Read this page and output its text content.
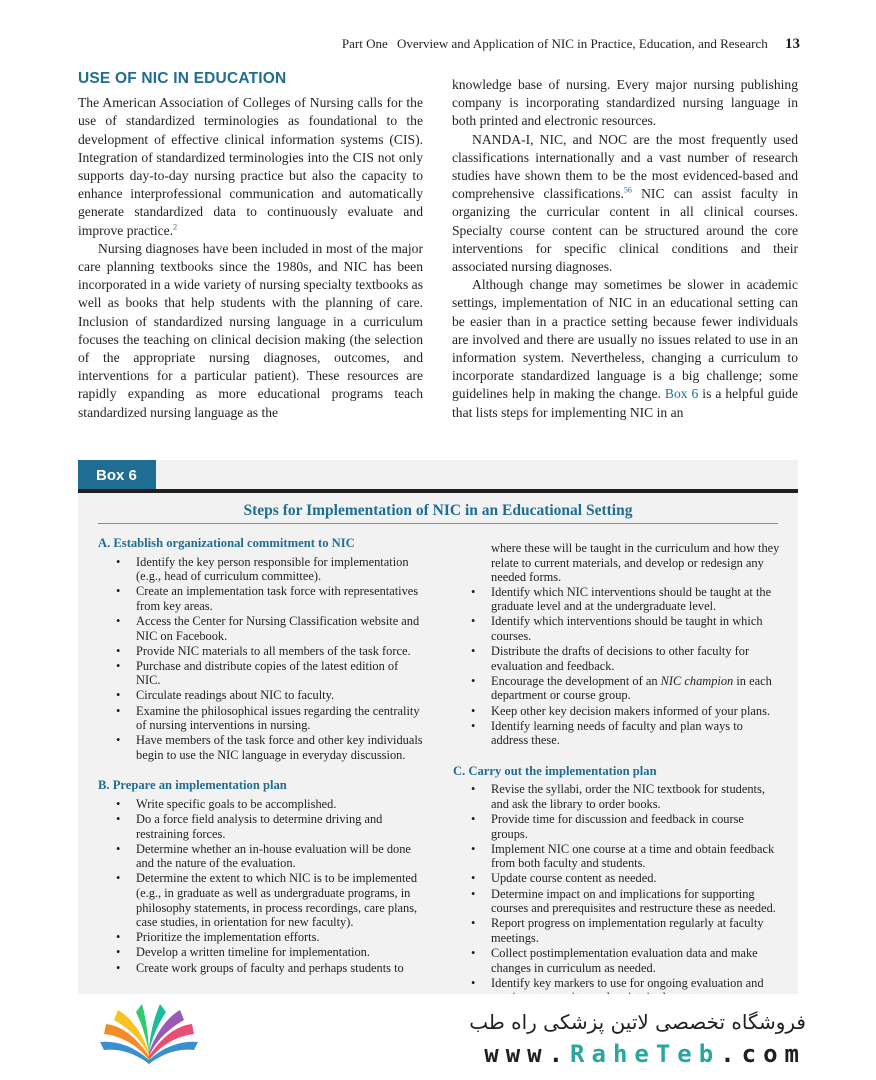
Part One Overview and Application of NIC in Practice, Education, and Research 13
USE OF NIC IN EDUCATION

The American Association of Colleges of Nursing calls for the use of standardized terminologies as foundational to the development of effective clinical information systems (CIS). Integration of standardized terminologies into the CIS not only supports day-to-day nursing practice but also the capacity to enhance interprofessional communication and automatically generate standardized data to continuously evaluate and improve practice.$^2$

Nursing diagnoses have been included in most of the major care planning textbooks since the 1980s, and NIC has been incorporated in a wide variety of nursing specialty textbooks as well as books that help students with the planning of care. Inclusion of standardized nursing language in a curriculum focuses the teaching on clinical decision making (the selection of the appropriate nursing diagnoses, outcomes, and interventions for a particular patient). These resources are rapidly expanding as more educational programs teach standardized nursing language as the

knowledge base of nursing. Every major nursing publishing company is incorporating standardized nursing language in both printed and electronic resources.

NANDA-I, NIC, and NOC are the most frequently used classifications internationally and a vast number of research studies have shown them to be the most evidenced-based and comprehensive classifications.$^{56}$ NIC can assist faculty in organizing the curricular content in all clinical courses. Specialty course content can be structured around the core interventions for specific clinical conditions and their associated nursing diagnoses.

Although change may sometimes be slower in academic settings, implementation of NIC in an educational setting can be easier than in a practice setting because fewer individuals are involved and there are usually no issues related to use in an information system. Nevertheless, changing a curriculum to incorporate standardized language is a big challenge; some guidelines help in making the change. Box 6 is a helpful guide that lists steps for implementing NIC in an

Box 6
Steps for Implementation of NIC in an Educational Setting
A. Establish organizational commitment to NIC
• Identify the key person responsible for implementation (e.g., head of curriculum committee).
• Create an implementation task force with representatives from key areas.
• Access the Center for Nursing Classification website and NIC on Facebook.
• Provide NIC materials to all members of the task force.
• Purchase and distribute copies of the latest edition of NIC.
• Circulate readings about NIC to faculty.
• Examine the philosophical issues regarding the centrality of nursing interventions in nursing.
• Have members of the task force and other key individuals begin to use the NIC language in everyday discussion.
B. Prepare an implementation plan
• Write specific goals to be accomplished.
• Do a force field analysis to determine driving and restraining forces.
• Determine whether an in-house evaluation will be done and the nature of the evaluation.
• Determine the extent to which NIC is to be implemented (e.g., in graduate as well as undergraduate programs, in philosophy statements, in process recordings, care plans, case studies, in orientation for new faculty).
• Prioritize the implementation efforts.
• Develop a written timeline for implementation.
• Create work groups of faculty and perhaps students to
where these will be taught in the curriculum and how they relate to current materials, and develop or redesign any needed forms.
• Identify which NIC interventions should be taught at the graduate level and at the undergraduate level.
• Identify which interventions should be taught in which courses.
• Distribute the drafts of decisions to other faculty for evaluation and feedback.
• Encourage the development of an NIC champion in each department or course group.
• Keep other key decision makers informed of your plans.
• Identify learning needs of faculty and plan ways to address these.
C. Carry out the implementation plan
• Revise the syllabi, order the NIC textbook for students, and ask the library to order books.
• Provide time for discussion and feedback in course groups.
• Implement NIC one course at a time and obtain feedback from both faculty and students.
• Update course content as needed.
• Determine impact on and implications for supporting courses and prerequisites and restructure these as needed.
• Report progress on implementation regularly at faculty meetings.
• Collect postimplementation evaluation data and make changes in curriculum as needed.
• Identify key markers to use for ongoing evaluation and
فروشگاه تخصصی لاتین پزشکی راه طب
www.RaheTeb.com
